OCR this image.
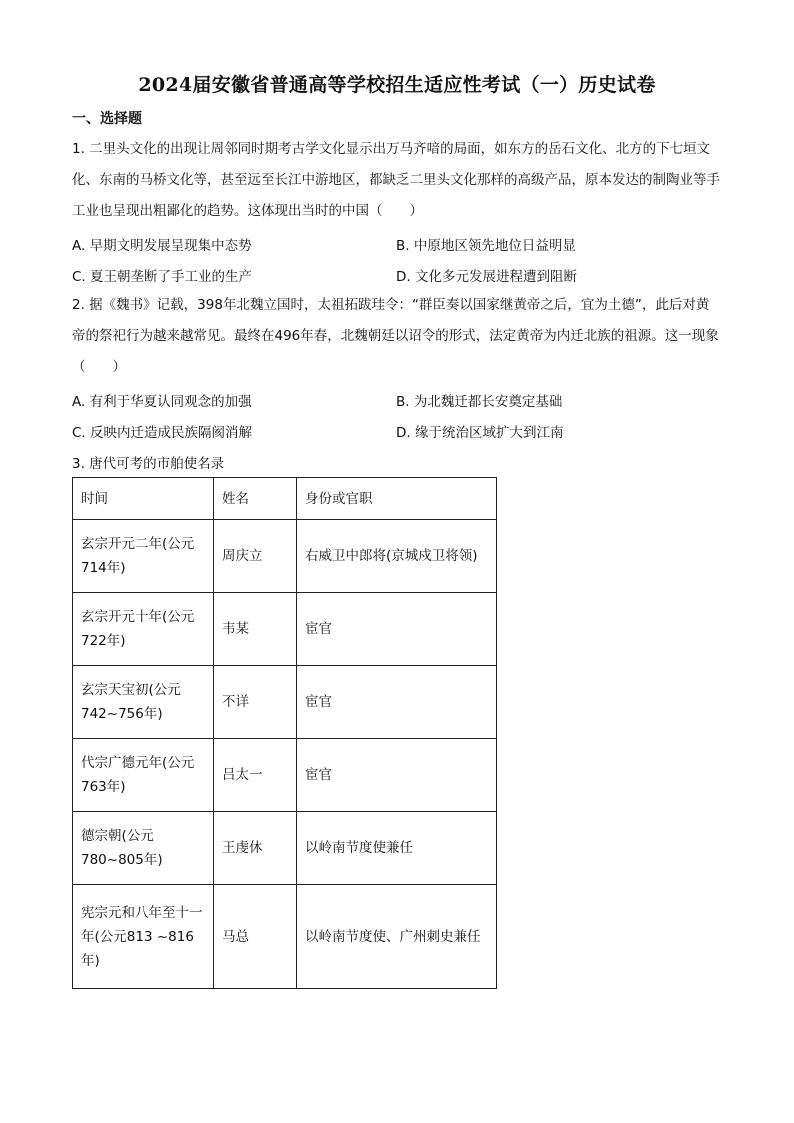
2024届安徽省普通高等学校招生适应性考试（一）历史试卷
一、选择题

1. 二里头文化的出现让周邻同时期考古学文化显示出万马齐喑的局面，如东方的岳石文化、北方的下七垣文化、东南的马桥文化等，甚至远至长江中游地区，都缺乏二里头文化那样的高级产品，原本发达的制陶业等手工业也呈现出粗鄙化的趋势。这体现出当时的中国（　　）

A. 早期文明发展呈现集中态势	B. 中原地区领先地位日益明显
C. 夏王朝垄断了手工业的生产	D. 文化多元发展进程遭到阻断

2. 据《魏书》记载，398年北魏立国时，太祖拓跋珪令：“群臣奏以国家继黄帝之后，宜为土德”，此后对黄帝的祭祀行为越来越常见。最终在496年春，北魏朝廷以诏令的形式，法定黄帝为内迁北族的祖源。这一现象（　　）

A. 有利于华夏认同观念的加强	B. 为北魏迁都长安奠定基础
C. 反映内迁造成民族隔阂消解	D. 缘于统治区域扩大到江南
3. 唐代可考的市舶使名录
时间	姓名	身份或官职
玄宗开元二年(公元714年)	周庆立	右威卫中郎将(京城戍卫将领)
玄宗开元十年(公元722年)	韦某	宦官
玄宗天宝初(公元742~756年)	不详	宦官
代宗广德元年(公元763年)	吕太一	宦官
德宗朝(公元 780~805年)	王虔休	以岭南节度使兼任
宪宗元和八年至十一年(公元813 ~816年)	马总	以岭南节度使、广州刺史兼任
